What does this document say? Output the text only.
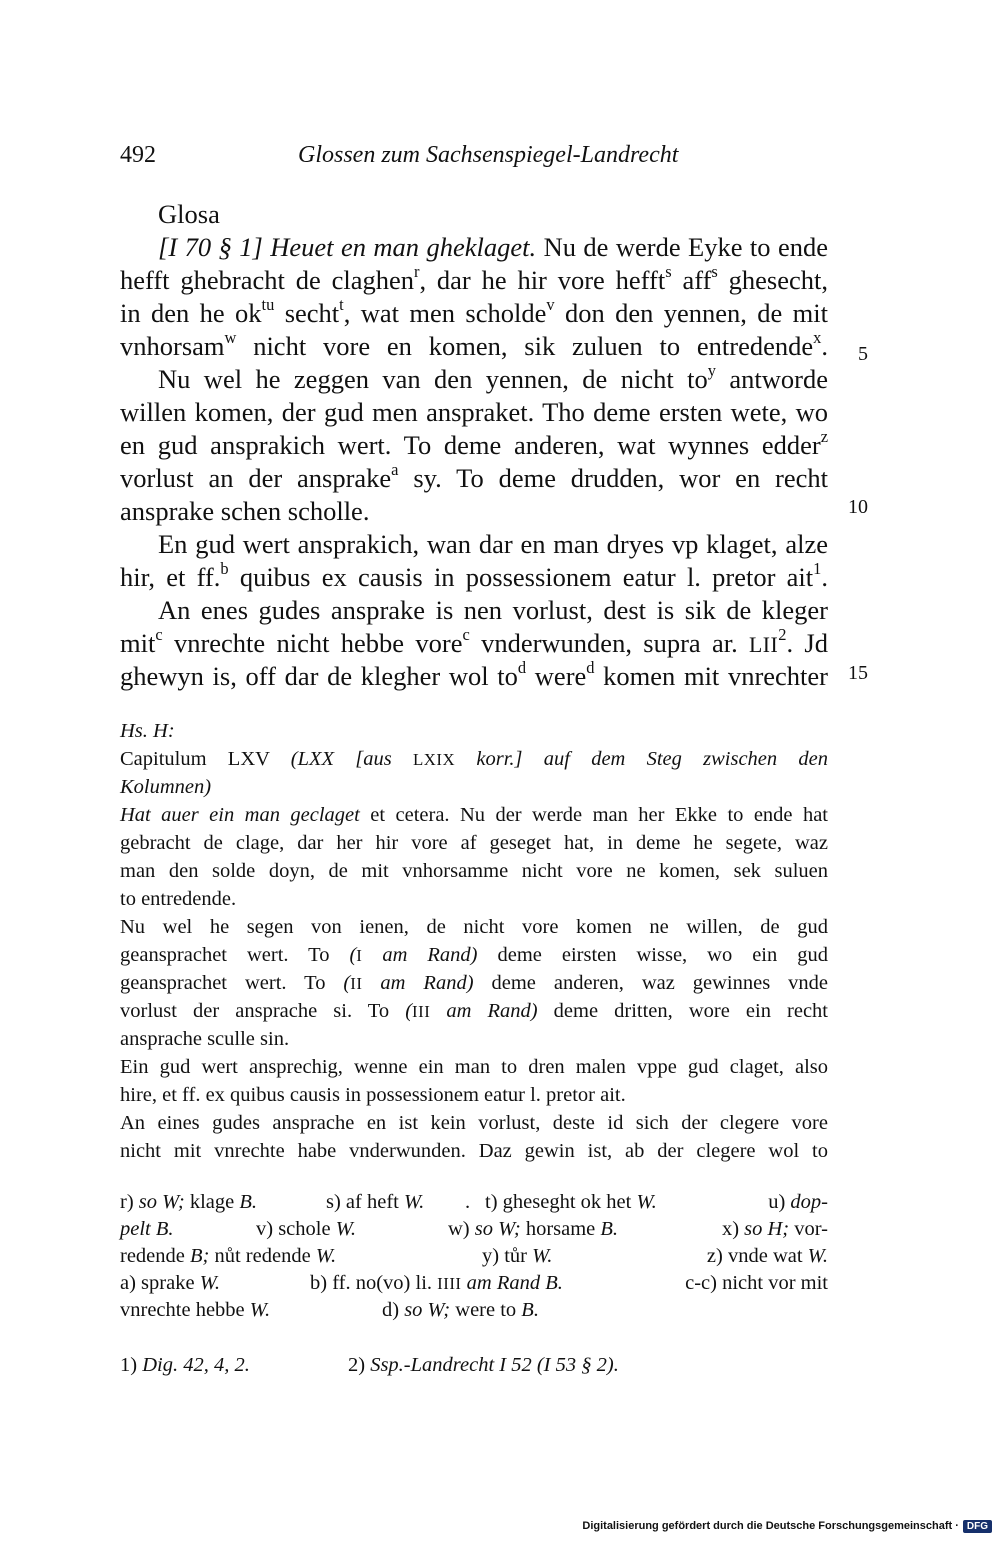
492	Glossen zum Sachsenspiegel-Landrecht
Glosa
[I 70 § 1] Heuet en man gheklaget. Nu de werde Eyke to ende
hefft ghebracht de claghen$^r$, dar he hir vore hefft$^s$ aff$^s$ ghesecht,
in den he $ok^{tu}$ secht$^t$, wat men scholde$^v$ don den yennen, de mit
vnhorsam$^w$ nicht vore en komen, sik zuluen to entredende$^x$.
Nu wel he zeggen van den yennen, de nicht $to^y$ antworde
willen komen, der gud men anspraket. Tho deme ersten wete, wo
en gud ansprakich wert. To deme anderen, wat wynnes edder$^z$
vorlust an der ansprake$^a$ sy. To deme drudden, wor en recht
ansprake schen scholle.
En gud wert ansprakich, wan dar en man dryes vp klaget, alze
hir, et ff.$^b$ quibus ex causis in possessionem eatur l. pretor ait$^1$.
An enes gudes ansprake is nen vorlust, dest is sik de kleger
mit$^c$ vnrechte nicht hebbe vore$^c$ vnderwunden, supra ar. LII$^2$. Jd
ghewyn is, off dar de klegher wol $to^d$ were$^d$ komen mit vnrechter
5
10
15
Hs. H:
Capitulum LXV (LXX [aus LXIX korr.] auf dem Steg zwischen den
Kolumnen)
Hat auer ein man geclaget et cetera. Nu der werde man her Ekke to ende hat
gebracht de clage, dar her hir vore af geseget hat, in deme he segete, waz
man den solde doyn, de mit vnhorsamme nicht vore ne komen, sek suluen
to entredende.
Nu wel he segen von ienen, de nicht vore komen ne willen, de gud
geansprachet wert. To (I am Rand) deme eirsten wisse, wo ein gud
geansprachet wert. To (II am Rand) deme anderen, waz gewinnes vnde
vorlust der ansprache si. To (III am Rand) deme dritten, wore ein recht
ansprache sculle sin.
Ein gud wert ansprechig, wenne ein man to dren malen vppe gud claget, also
hire, et ff. ex quibus causis in possessionem eatur l. pretor ait.
An eines gudes ansprache en ist kein vorlust, deste id sich der clegere vore
nicht mit vnrechte habe vnderwunden. Daz gewin ist, ab der clegere wol to
r) so W; klage B.	s) af heft W. . t) gheseght ok het W.	u) dop-
pelt B.	v) schole W.	w) so W; horsame B.	x) so H; vor-
redende B; nůt redende W.	y) tůr W.	z) vnde wat W.
a) sprake W.	b) ff. no(vo) li. IIII am Rand B.	c-c) nicht vor mit
vnrechte hebbe W.	d) so W; were to B.
1) Dig. 42, 4, 2.	2) Ssp.-Landrecht I 52 (I 53 § 2).
Digitalisierung gefördert durch die Deutsche Forschungsgemeinschaft · DFG
